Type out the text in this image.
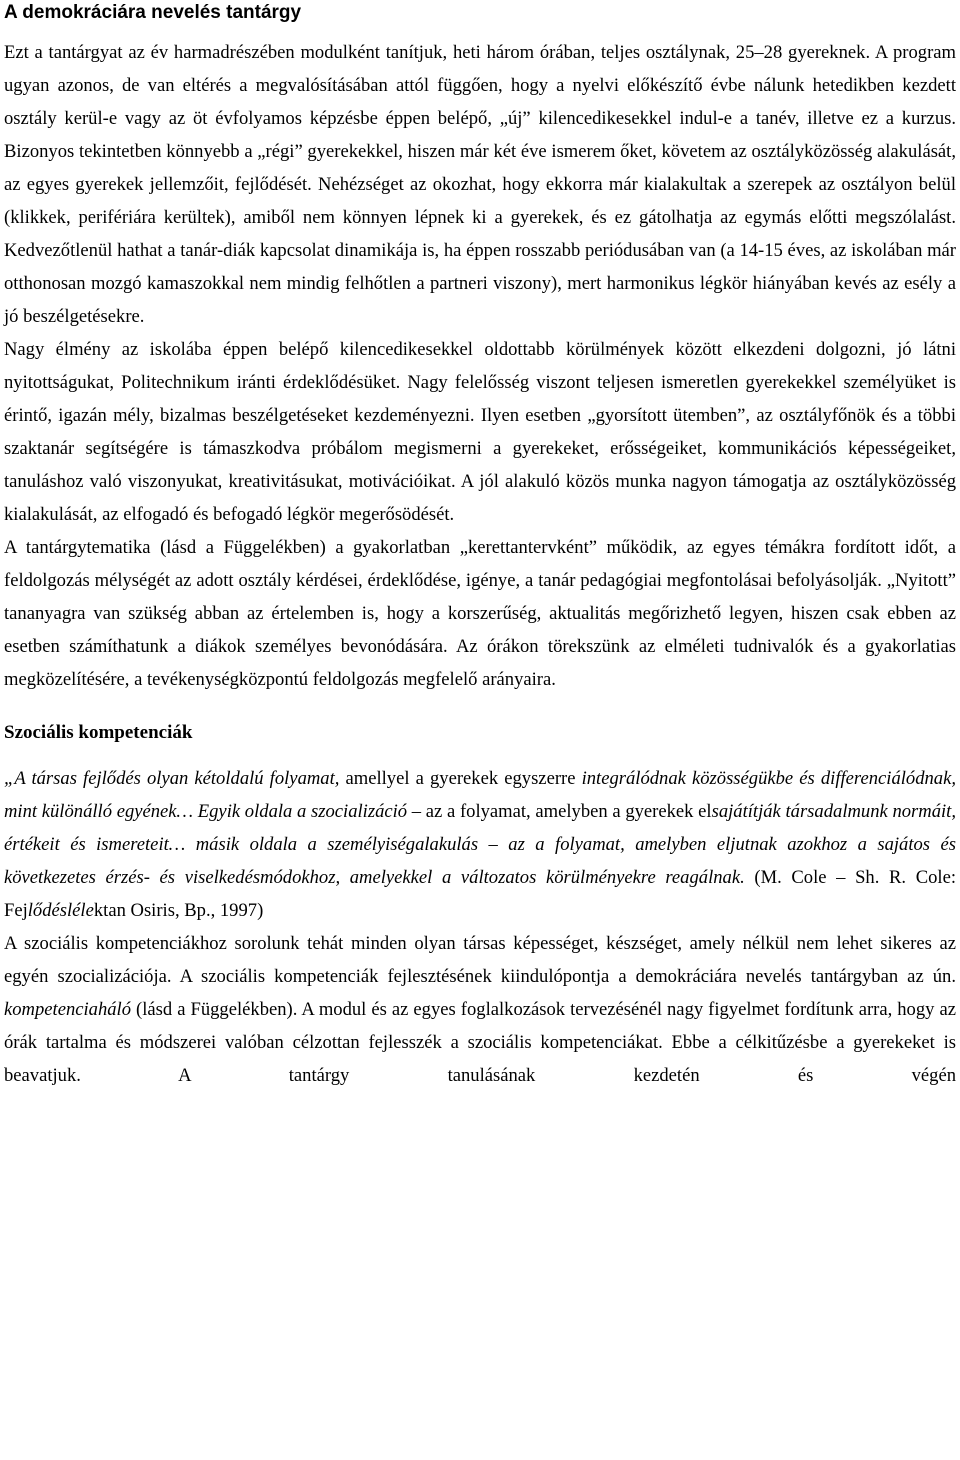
A demokráciára nevelés tantárgy

Ezt a tantárgyat az év harmadrészében modulként tanítjuk, heti három órában, teljes osztálynak, 25–28 gyereknek. A program ugyan azonos, de van eltérés a megvalósításában attól függően, hogy a nyelvi előkészítő évbe nálunk hetedikben kezdett osztály kerül-e vagy az öt évfolyamos képzésbe éppen belépő, „új” kilencedikesekkel indul-e a tanév, illetve ez a kurzus. Bizonyos tekintetben könnyebb a „régi” gyerekekkel, hiszen már két éve ismerem őket, követem az osztályközösség alakulását, az egyes gyerekek jellemzőit, fejlődését. Nehézséget az okozhat, hogy ekkorra már kialakultak a szerepek az osztályon belül (klikkek, perifériára kerültek), amiből nem könnyen lépnek ki a gyerekek, és ez gátolhatja az egymás előtti megszólalást. Kedvezőtlenül hathat a tanár-diák kapcsolat dinamikája is, ha éppen rosszabb periódusában van (a 14-15 éves, az iskolában már otthonosan mozgó kamaszokkal nem mindig felhőtlen a partneri viszony), mert harmonikus légkör hiányában kevés az esély a jó beszélgetésekre.

Nagy élmény az iskolába éppen belépő kilencedikesekkel oldottabb körülmények között elkezdeni dolgozni, jó látni nyitottságukat, Politechnikum iránti érdeklődésüket. Nagy felelősség viszont teljesen ismeretlen gyerekekkel személyüket is érintő, igazán mély, bizalmas beszélgetéseket kezdeményezni. Ilyen esetben „gyorsított ütemben”, az osztályfőnök és a többi szaktanár segítségére is támaszkodva próbálom megismerni a gyerekeket, erősségeiket, kommunikációs képességeiket, tanuláshoz való viszonyukat, kreativitásukat, motivációikat. A jól alakuló közös munka nagyon támogatja az osztályközösség kialakulását, az elfogadó és befogadó légkör megerősödését.

A tantárgytematika (lásd a Függelékben) a gyakorlatban „kerettantervként” működik, az egyes témákra fordított időt, a feldolgozás mélységét az adott osztály kérdései, érdeklődése, igénye, a tanár pedagógiai megfontolásai befolyásolják. „Nyitott” tananyagra van szükség abban az értelemben is, hogy a korszerűség, aktualitás megőrizhető legyen, hiszen csak ebben az esetben számíthatunk a diákok személyes bevonódására. Az órákon törekszünk az elméleti tudnivalók és a gyakorlatias megközelítésére, a tevékenységközpontú feldolgozás megfelelő arányaira.

Szociális kompetenciák

„A társas fejlődés olyan kétoldalú folyamat, amellyel a gyerekek egyszerre integrálódnak közösségükbe és differenciálódnak, mint különálló egyének… Egyik oldala a szocializáció – az a folyamat, amelyben a gyerekek elsajátítják társadalmunk normáit, értékeit és ismereteit… másik oldala a személyiségalakulás – az a folyamat, amelyben eljutnak azokhoz a sajátos és következetes érzés- és viselkedésmódokhoz, amelyekkel a változatos körülményekre reagálnak. (M. Cole – Sh. R. Cole: Fejlődéslélektan Osiris, Bp., 1997)

A szociális kompetenciákhoz sorolunk tehát minden olyan társas képességet, készséget, amely nélkül nem lehet sikeres az egyén szocializációja. A szociális kompetenciák fejlesztésének kiindulópontja a demokráciára nevelés tantárgyban az ún. kompetenciaháló (lásd a Függelékben). A modul és az egyes foglalkozások tervezésénél nagy figyelmet fordítunk arra, hogy az órák tartalma és módszerei valóban célzottan fejlesszék a szociális kompetenciákat. Ebbe a célkitűzésbe a gyerekeket is beavatjuk. A tantárgy tanulásának kezdetén és végén
